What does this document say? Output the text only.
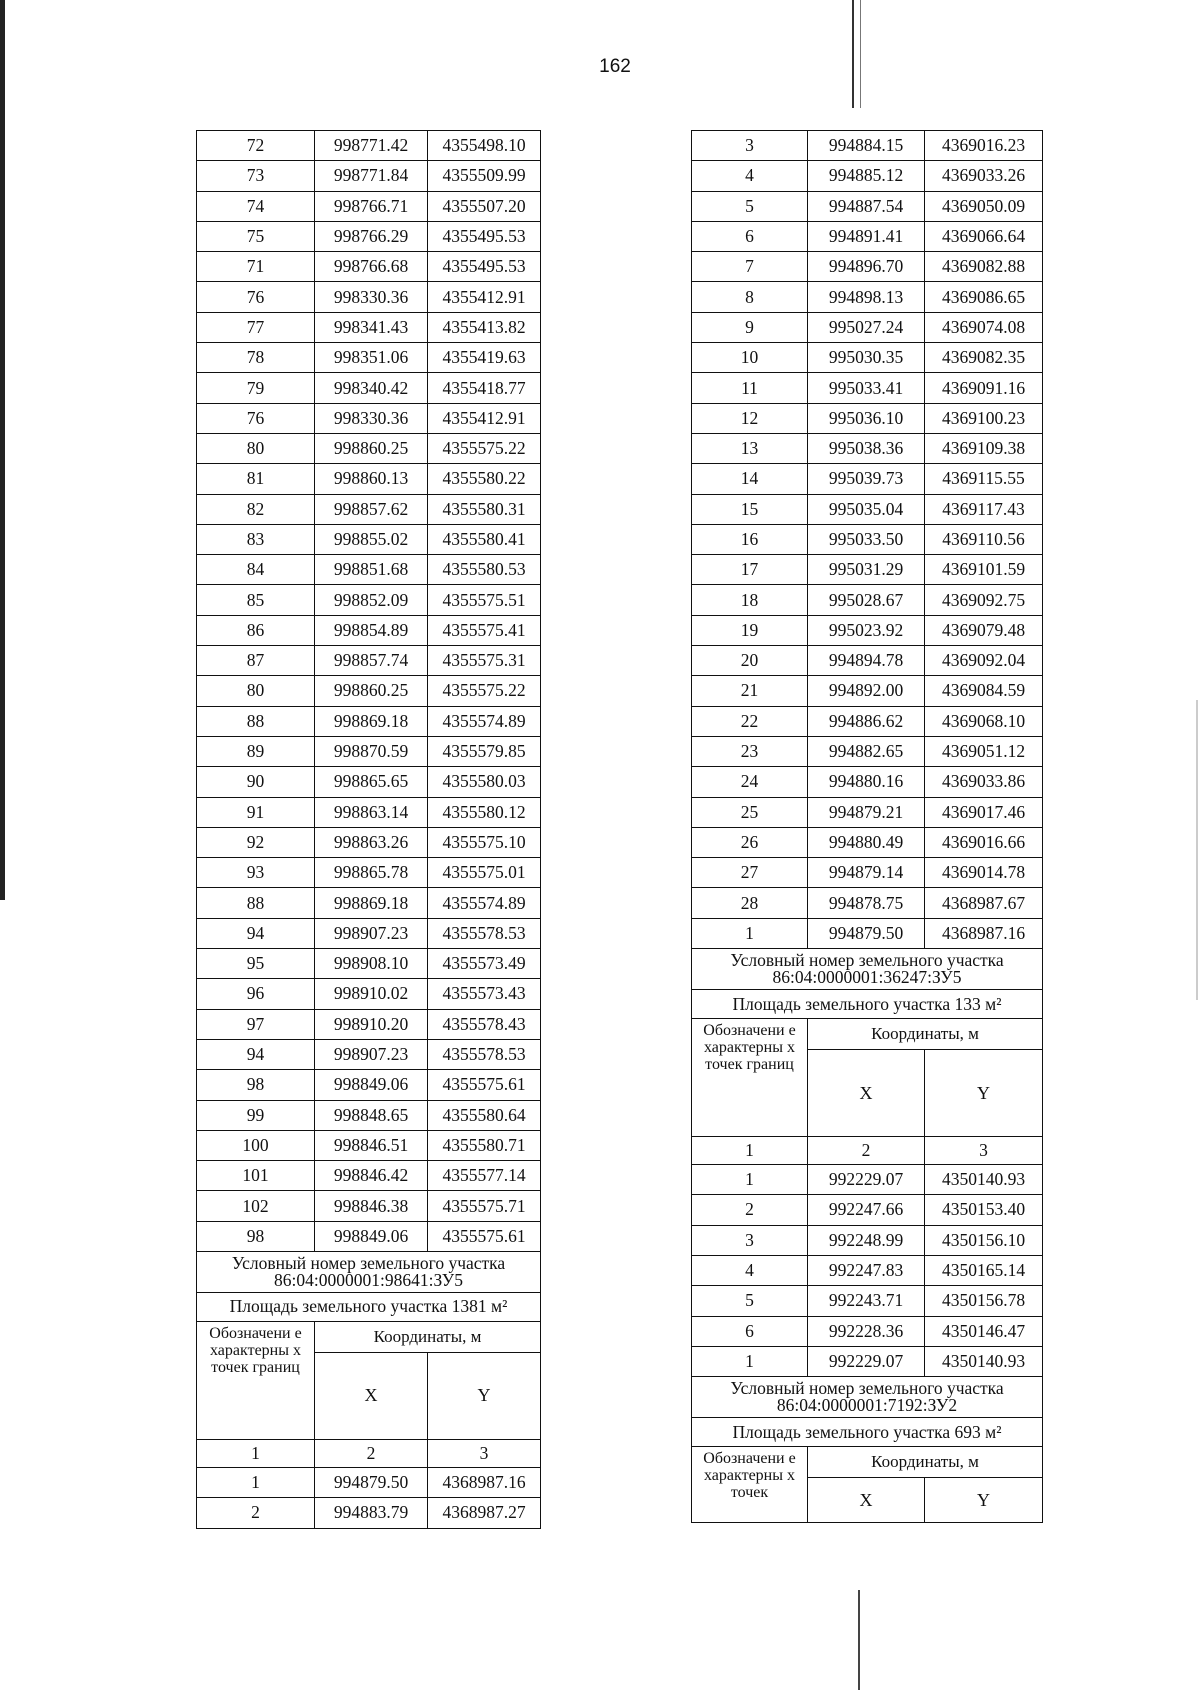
162
72	998771.42	4355498.10
73	998771.84	4355509.99
74	998766.71	4355507.20
75	998766.29	4355495.53
71	998766.68	4355495.53
76	998330.36	4355412.91
77	998341.43	4355413.82
78	998351.06	4355419.63
79	998340.42	4355418.77
76	998330.36	4355412.91
80	998860.25	4355575.22
81	998860.13	4355580.22
82	998857.62	4355580.31
83	998855.02	4355580.41
84	998851.68	4355580.53
85	998852.09	4355575.51
86	998854.89	4355575.41
87	998857.74	4355575.31
80	998860.25	4355575.22
88	998869.18	4355574.89
89	998870.59	4355579.85
90	998865.65	4355580.03
91	998863.14	4355580.12
92	998863.26	4355575.10
93	998865.78	4355575.01
88	998869.18	4355574.89
94	998907.23	4355578.53
95	998908.10	4355573.49
96	998910.02	4355573.43
97	998910.20	4355578.43
94	998907.23	4355578.53
98	998849.06	4355575.61
99	998848.65	4355580.64
100	998846.51	4355580.71
101	998846.42	4355577.14
102	998846.38	4355575.71
98	998849.06	4355575.61
Условный номер земельного участка 86:04:0000001:98641:ЗУ5		
Площадь земельного участка 1381 м²		
Обозначени е характерны х точек границ	Координаты, м	
	X	Y
1	2	3
1	994879.50	4368987.16
2	994883.79	4368987.27
3	994884.15	4369016.23
4	994885.12	4369033.26
5	994887.54	4369050.09
6	994891.41	4369066.64
7	994896.70	4369082.88
8	994898.13	4369086.65
9	995027.24	4369074.08
10	995030.35	4369082.35
11	995033.41	4369091.16
12	995036.10	4369100.23
13	995038.36	4369109.38
14	995039.73	4369115.55
15	995035.04	4369117.43
16	995033.50	4369110.56
17	995031.29	4369101.59
18	995028.67	4369092.75
19	995023.92	4369079.48
20	994894.78	4369092.04
21	994892.00	4369084.59
22	994886.62	4369068.10
23	994882.65	4369051.12
24	994880.16	4369033.86
25	994879.21	4369017.46
26	994880.49	4369016.66
27	994879.14	4369014.78
28	994878.75	4368987.67
1	994879.50	4368987.16
Условный номер земельного участка 86:04:0000001:36247:ЗУ5		
Площадь земельного участка 133 м²		
Обозначени е характерны х точек границ	Координаты, м	
	X	Y
1	2	3
1	992229.07	4350140.93
2	992247.66	4350153.40
3	992248.99	4350156.10
4	992247.83	4350165.14
5	992243.71	4350156.78
6	992228.36	4350146.47
1	992229.07	4350140.93
Условный номер земельного участка 86:04:0000001:7192:ЗУ2		
Площадь земельного участка 693 м²		
Обозначени е характерны х точек	Координаты, м	
	X	Y
